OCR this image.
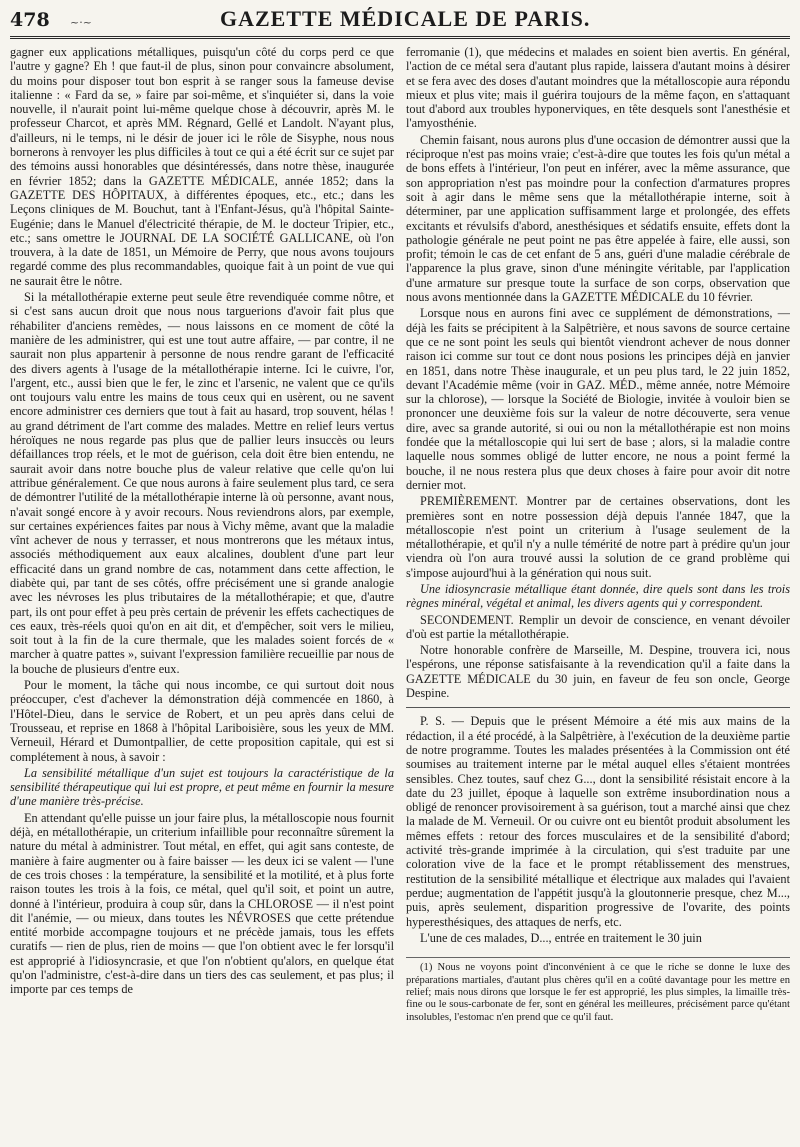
478	~·~	GAZETTE MÉDICALE DE PARIS.

gagner eux applications métalliques, puisqu'un côté du corps perd ce que l'autre y gagne? Eh ! que faut-il de plus, sinon pour convaincre absolument, du moins pour disposer tout bon esprit à se ranger sous la fameuse devise italienne : « Fard da se, » faire par soi-même, et s'inquiéter si, dans la voie nouvelle, il n'aurait point lui-même quelque chose à découvrir, après M. le professeur Charcot, et après MM. Régnard, Gellé et Landolt. N'ayant plus, d'ailleurs, ni le temps, ni le désir de jouer ici le rôle de Sisyphe, nous nous bornerons à renvoyer les plus difficiles à tout ce qui a été écrit sur ce sujet par des témoins aussi honorables que désintéressés, dans notre thèse, inaugurée en février 1852; dans la GAZETTE MÉDICALE, année 1852; dans la GAZETTE DES HÔPITAUX, à différentes époques, etc., etc.; dans les Leçons cliniques de M. Bouchut, tant à l'Enfant-Jésus, qu'à l'hôpital Sainte-Eugénie; dans le Manuel d'électricité thérapie, de M. le docteur Tripier, etc., etc.; sans omettre le JOURNAL DE LA SOCIÉTÉ GALLICANE, où l'on trouvera, à la date de 1851, un Mémoire de Perry, que nous avons toujours regardé comme des plus recommandables, quoique fait à un point de vue qui ne saurait être le nôtre.

Si la métallothérapie externe peut seule être revendiquée comme nôtre, et si c'est sans aucun droit que nous nous targuerions d'avoir fait plus que réhabiliter d'anciens remèdes, — nous laissons en ce moment de côté la manière de les administrer, qui est une tout autre affaire, — par contre, il ne saurait non plus appartenir à personne de nous rendre garant de l'efficacité des divers agents à l'usage de la métallothérapie interne. Ici le cuivre, l'or, l'argent, etc., aussi bien que le fer, le zinc et l'arsenic, ne valent que ce qu'ils ont toujours valu entre les mains de tous ceux qui en usèrent, ou ne savent encore administrer ces derniers que tout à fait au hasard, trop souvent, hélas ! au grand détriment de l'art comme des malades. Mettre en relief leurs vertus héroïques ne nous regarde pas plus que de pallier leurs insuccès ou leurs défaillances trop réels, et le mot de guérison, cela doit être bien entendu, ne saurait avoir dans notre bouche plus de valeur relative que celle qu'on lui attribue généralement. Ce que nous aurons à faire seulement plus tard, ce sera de démontrer l'utilité de la métallothérapie interne là où personne, avant nous, n'avait songé encore à y avoir recours. Nous reviendrons alors, par exemple, sur certaines expériences faites par nous à Vichy même, avant que la maladie vînt achever de nous y terrasser, et nous montrerons que les métaux intus, associés méthodiquement aux eaux alcalines, doublent d'une part leur efficacité dans un grand nombre de cas, notamment dans cette affection, le diabète qui, par tant de ses côtés, offre précisément une si grande analogie avec les névroses les plus tributaires de la métallothérapie; et que, d'autre part, ils ont pour effet à peu près certain de prévenir les effets cachectiques de ces eaux, très-réels quoi qu'on en ait dit, et d'empêcher, soit vers le milieu, soit tout à la fin de la cure thermale, que les malades soient forcés de « marcher à quatre pattes », suivant l'expression familière recueillie par nous de la bouche de plusieurs d'entre eux.

Pour le moment, la tâche qui nous incombe, ce qui surtout doit nous préoccuper, c'est d'achever la démonstration déjà commencée en 1860, à l'Hôtel-Dieu, dans le service de Robert, et un peu après dans celui de Trousseau, et reprise en 1868 à l'hôpital Lariboisière, sous les yeux de MM. Verneuil, Hérard et Dumontpallier, de cette proposition capitale, qui est si complétement à nous, à savoir :

La sensibilité métallique d'un sujet est toujours la caractéristique de la sensibilité thérapeutique qui lui est propre, et peut même en fournir la mesure d'une manière très-précise.

En attendant qu'elle puisse un jour faire plus, la métalloscopie nous fournit déjà, en métallothérapie, un criterium infaillible pour reconnaître sûrement la nature du métal à administrer. Tout métal, en effet, qui agit sans conteste, de manière à faire augmenter ou à faire baisser — les deux ici se valent — l'une de ces trois choses : la température, la sensibilité et la motilité, et à plus forte raison toutes les trois à la fois, ce métal, quel qu'il soit, et point un autre, donné à l'intérieur, produira à coup sûr, dans la CHLOROSE — il n'est point dit l'anémie, — ou mieux, dans toutes les NÉVROSES que cette prétendue entité morbide accompagne toujours et ne précède jamais, tous les effets curatifs — rien de plus, rien de moins — que l'on obtient avec le fer lorsqu'il est approprié à l'idiosyncrasie, et que l'on n'obtient qu'alors, en quelque état qu'on l'administre, c'est-à-dire dans un tiers des cas seulement, et pas plus; il importe par ces temps de

ferromanie (1), que médecins et malades en soient bien avertis. En général, l'action de ce métal sera d'autant plus rapide, laissera d'autant moins à désirer et se fera avec des doses d'autant moindres que la métalloscopie aura répondu mieux et plus vite; mais il guérira toujours de la même façon, en s'attaquant tout d'abord aux troubles hyponerviques, en tête desquels sont l'anesthésie et l'amyosthénie.

Chemin faisant, nous aurons plus d'une occasion de démontrer aussi que la réciproque n'est pas moins vraie; c'est-à-dire que toutes les fois qu'un métal a de bons effets à l'intérieur, l'on peut en inférer, avec la même assurance, que son appropriation n'est pas moindre pour la confection d'armatures propres soit à agir dans le même sens que la métallothérapie interne, soit à déterminer, par une application suffisamment large et prolongée, des effets excitants et révulsifs d'abord, anesthésiques et sédatifs ensuite, effets dont la pathologie générale ne peut point ne pas être appelée à faire, elle aussi, son profit; témoin le cas de cet enfant de 5 ans, guéri d'une maladie cérébrale de l'apparence la plus grave, sinon d'une méningite véritable, par l'application d'une armature sur presque toute la surface de son corps, observation que nous avons mentionnée dans la GAZETTE MÉDICALE du 10 février.

Lorsque nous en aurons fini avec ce supplément de démonstrations, — déjà les faits se précipitent à la Salpêtrière, et nous savons de source certaine que ce ne sont point les seuls qui bientôt viendront achever de nous donner raison ici comme sur tout ce dont nous posions les principes déjà en janvier en 1851, dans notre Thèse inaugurale, et un peu plus tard, le 22 juin 1852, devant l'Académie même (voir in GAZ. MÉD., même année, notre Mémoire sur la chlorose), — lorsque la Société de Biologie, invitée à vouloir bien se prononcer une deuxième fois sur la valeur de notre découverte, sera venue dire, avec sa grande autorité, si oui ou non la métallothérapie est non moins fondée que la métalloscopie qui lui sert de base ; alors, si la maladie contre laquelle nous sommes obligé de lutter encore, ne nous a point fermé la bouche, il ne nous restera plus que deux choses à faire pour avoir dit notre dernier mot.

PREMIÈREMENT. Montrer par de certaines observations, dont les premières sont en notre possession déjà depuis l'année 1847, que la métalloscopie n'est point un criterium à l'usage seulement de la métallothérapie, et qu'il n'y a nulle témérité de notre part à prédire qu'un jour viendra où l'on aura trouvé aussi la solution de ce grand problème qui s'impose aujourd'hui à la génération qui nous suit.

Une idiosyncrasie métallique étant donnée, dire quels sont dans les trois règnes minéral, végétal et animal, les divers agents qui y correspondent.

SECONDEMENT. Remplir un devoir de conscience, en venant dévoiler d'où est partie la métallothérapie.

Notre honorable confrère de Marseille, M. Despine, trouvera ici, nous l'espérons, une réponse satisfaisante à la revendication qu'il a faite dans la GAZETTE MÉDICALE du 30 juin, en faveur de feu son oncle, George Despine.

P. S. — Depuis que le présent Mémoire a été mis aux mains de la rédaction, il a été procédé, à la Salpêtrière, à l'exécution de la deuxième partie de notre programme. Toutes les malades présentées à la Commission ont été soumises au traitement interne par le métal auquel elles s'étaient montrées sensibles. Chez toutes, sauf chez G..., dont la sensibilité résistait encore à la date du 23 juillet, époque à laquelle son extrême insubordination nous a obligé de renoncer provisoirement à sa guérison, tout a marché ainsi que chez la malade de M. Verneuil. Or ou cuivre ont eu bientôt produit absolument les mêmes effets : retour des forces musculaires et de la sensibilité d'abord; activité très-grande imprimée à la circulation, qui s'est traduite par une coloration vive de la face et le prompt rétablissement des menstrues, restitution de la sensibilité métallique et électrique aux malades qui l'avaient perdue; augmentation de l'appétit jusqu'à la gloutonnerie presque, chez M..., puis, après seulement, disparition progressive de l'ovarite, des points hyperesthésiques, des attaques de nerfs, etc.

L'une de ces malades, D..., entrée en traitement le 30 juin

(1) Nous ne voyons point d'inconvénient à ce que le riche se donne le luxe des préparations martiales, d'autant plus chères qu'il en a coûté davantage pour les mettre en relief; mais nous dirons que lorsque le fer est approprié, les plus simples, la limaille très-fine ou le sous-carbonate de fer, sont en général les meilleures, précisément parce qu'étant insolubles, l'estomac n'en prend que ce qu'il faut.
